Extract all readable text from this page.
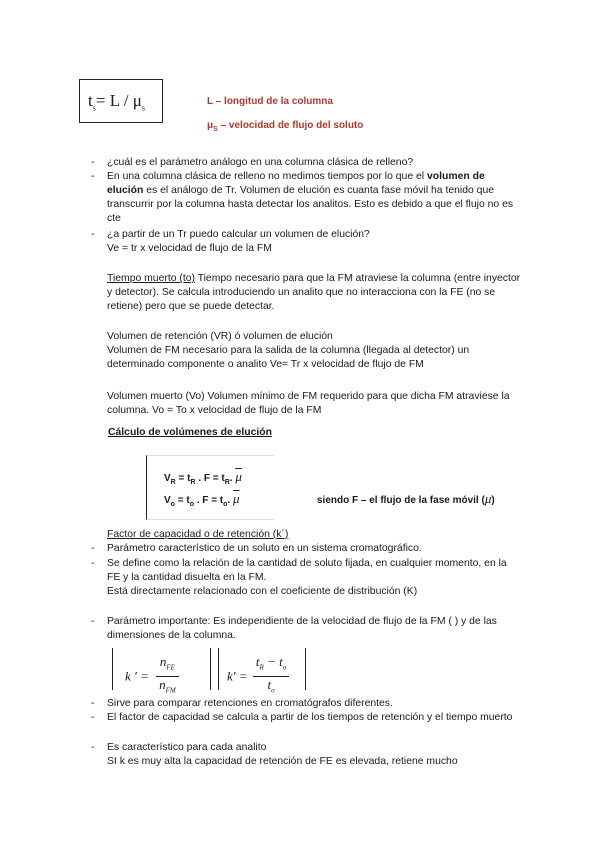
$t_s= L / \mu_s$
L – longitud de la columna
$\mu_S$ – velocidad de flujo del soluto
- ¿cuál es el parámetro análogo en una columna clásica de relleno?
- En una columna clásica de relleno no medimos tiempos por lo que el volumen de elución es el análogo de Tr. Volumen de elución es cuanta fase móvil ha tenido que transcurrir por la columna hasta detectar los analitos. Esto es debido a que el flujo no es cte
- ¿a partir de un Tr puedo calcular un volumen de elución?
Ve = tr x velocidad de flujo de la FM
Tiempo muerto (to) Tiempo necesario para que la FM atraviese la columna (entre inyector y detector). Se calcula introduciendo un analito que no interacciona con la FE (no se retiene) pero que se puede detectar.
Volumen de retención (VR) ó volumen de elución
Volumen de FM necesario para la salida de la columna (llegada al detector) un determinado componente o analito Ve= Tr x velocidad de flujo de FM
Volumen muerto (Vo) Volumen mínimo de FM requerido para que dicha FM atraviese la columna. Vo = To x velocidad de flujo de la FM
Cálculo de volúmenes de elución
$V_R = t_R$ . $F = t_R$. $\overline{\mu}$
$V_o = t_o$ . $F = t_o$. $\overline{\mu}$	siendo F – el flujo de la fase móvil (μ)
Factor de capacidad o de retención (k´)
- Parámetro característico de un soluto en un sistema cromatográfico.
- Se define como la relación de la cantidad de soluto fijada, en cualquier momento, en la FE y la cantidad disuelta en la FM.
Está directamente relacionado con el coeficiente de distribución (K)
- Parámetro importante: Es independiente de la velocidad de flujo de la FM ( ) y de las dimensiones de la columna.
k ′ = $\frac{n_{FE}}{n_{FM}}$	$k' = \frac{t_R - t_o}{t_o}$
- Sirve para comparar retenciones en cromatógrafos diferentes.
- El factor de capacidad se calcula a partir de los tiempos de retención y el tiempo muerto
- Es característico para cada analito
SI k es muy alta la capacidad de retención de FE es elevada, retiene mucho
